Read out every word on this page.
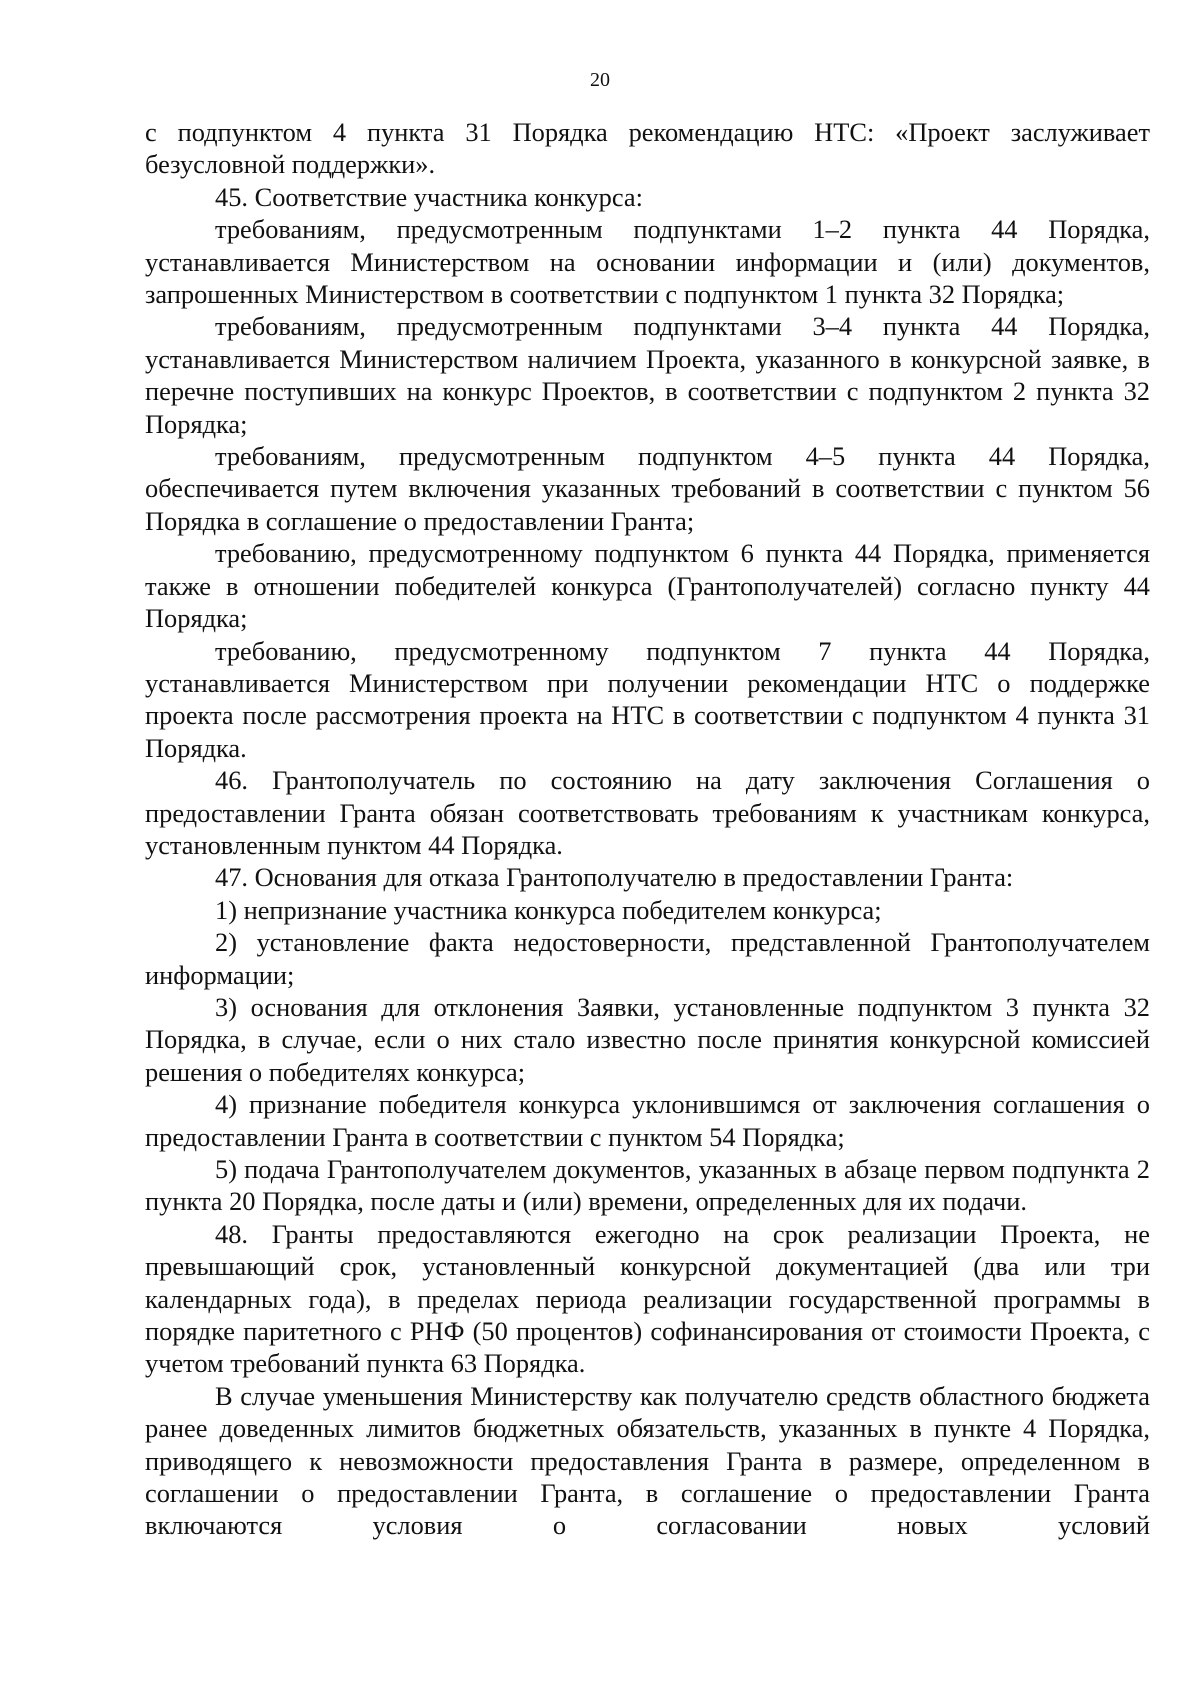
20

с подпунктом 4 пункта 31 Порядка рекомендацию НТС: «Проект заслуживает безусловной поддержки».

45. Соответствие участника конкурса:

требованиям, предусмотренным подпунктами 1–2 пункта 44 Порядка, устанавливается Министерством на основании информации и (или) документов, запрошенных Министерством в соответствии с подпунктом 1 пункта 32 Порядка;

требованиям, предусмотренным подпунктами 3–4 пункта 44 Порядка, устанавливается Министерством наличием Проекта, указанного в конкурсной заявке, в перечне поступивших на конкурс Проектов, в соответствии с подпунктом 2 пункта 32 Порядка;

требованиям, предусмотренным подпунктом 4–5 пункта 44 Порядка, обеспечивается путем включения указанных требований в соответствии с пунктом 56 Порядка в соглашение о предоставлении Гранта;

требованию, предусмотренному подпунктом 6 пункта 44 Порядка, применяется также в отношении победителей конкурса (Грантополучателей) согласно пункту 44 Порядка;

требованию, предусмотренному подпунктом 7 пункта 44 Порядка, устанавливается Министерством при получении рекомендации НТС о поддержке проекта после рассмотрения проекта на НТС в соответствии с подпунктом 4 пункта 31 Порядка.

46. Грантополучатель по состоянию на дату заключения Соглашения о предоставлении Гранта обязан соответствовать требованиям к участникам конкурса, установленным пунктом 44 Порядка.

47. Основания для отказа Грантополучателю в предоставлении Гранта:

1) непризнание участника конкурса победителем конкурса;

2) установление факта недостоверности, представленной Грантополучателем информации;

3) основания для отклонения Заявки, установленные подпунктом 3 пункта 32 Порядка, в случае, если о них стало известно после принятия конкурсной комиссией решения о победителях конкурса;

4) признание победителя конкурса уклонившимся от заключения соглашения о предоставлении Гранта в соответствии с пунктом 54 Порядка;

5) подача Грантополучателем документов, указанных в абзаце первом подпункта 2 пункта 20 Порядка, после даты и (или) времени, определенных для их подачи.

48. Гранты предоставляются ежегодно на срок реализации Проекта, не превышающий срок, установленный конкурсной документацией (два или три календарных года), в пределах периода реализации государственной программы в порядке паритетного с РНФ (50 процентов) софинансирования от стоимости Проекта, с учетом требований пункта 63 Порядка.

В случае уменьшения Министерству как получателю средств областного бюджета ранее доведенных лимитов бюджетных обязательств, указанных в пункте 4 Порядка, приводящего к невозможности предоставления Гранта в размере, определенном в соглашении о предоставлении Гранта, в соглашение о предоставлении Гранта включаются условия о согласовании новых условий
